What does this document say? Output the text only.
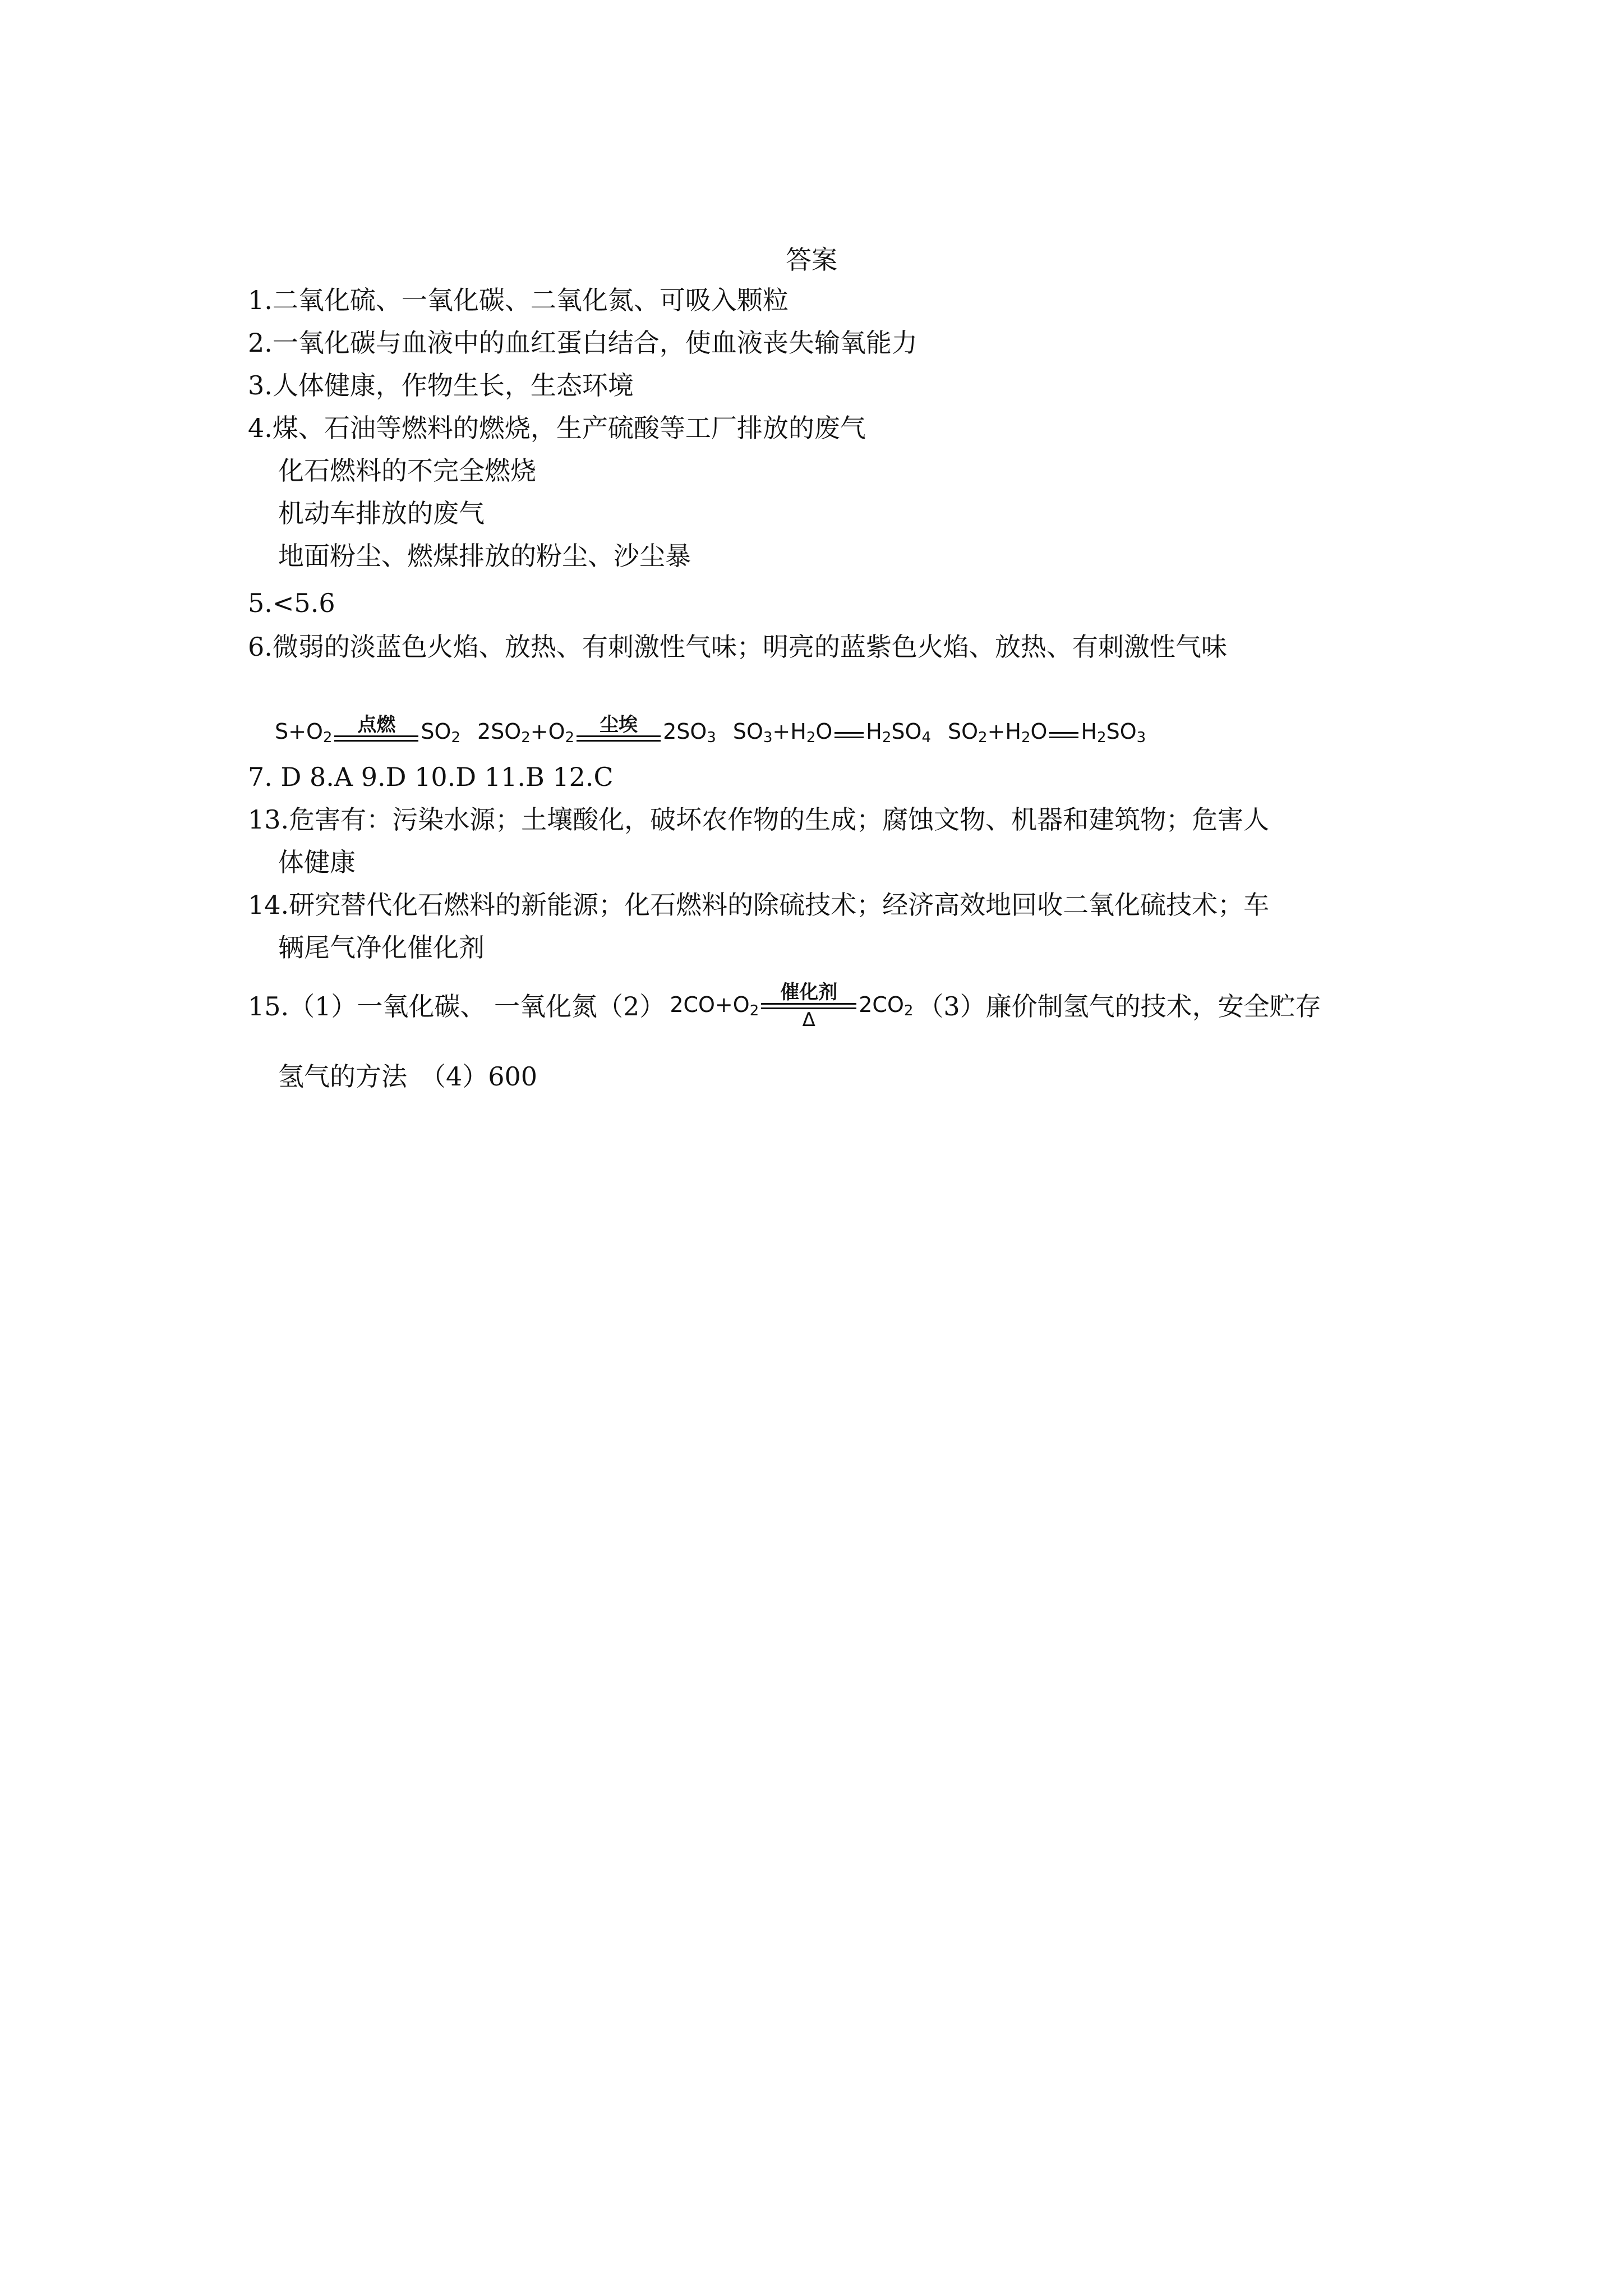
答案
1.二氧化硫、一氧化碳、二氧化氮、可吸入颗粒
2.一氧化碳与血液中的血红蛋白结合，使血液丧失输氧能力
3.人体健康，作物生长，生态环境
4.煤、石油等燃料的燃烧，生产硫酸等工厂排放的废气
化石燃料的不完全燃烧
机动车排放的废气
地面粉尘、燃煤排放的粉尘、沙尘暴
5.<5.6
6.微弱的淡蓝色火焰、放热、有刺激性气味；明亮的蓝紫色火焰、放热、有刺激性气味
$S+O_2$
点燃 $SO_2$ $2SO_2+O_2$
尘埃 $2SO_3$ $SO_3+H_2O$ $H_2SO_4$ $SO_2+H_2O$ $H_2SO_3$
7. D 8.A 9.D 10.D 11.B 12.C
13.危害有：污染水源；土壤酸化，破坏农作物的生成；腐蚀文物、机器和建筑物；危害人
体健康
14.研究替代化石燃料的新能源；化石燃料的除硫技术；经济高效地回收二氧化硫技术；车
辆尾气净化催化剂
15.（1）一氧化碳、 一氧化氮（2） $2CO+O_2$
催化剂
Δ
$2CO_2$ （3）廉价制氢气的技术，安全贮存
氢气的方法　（4）600
